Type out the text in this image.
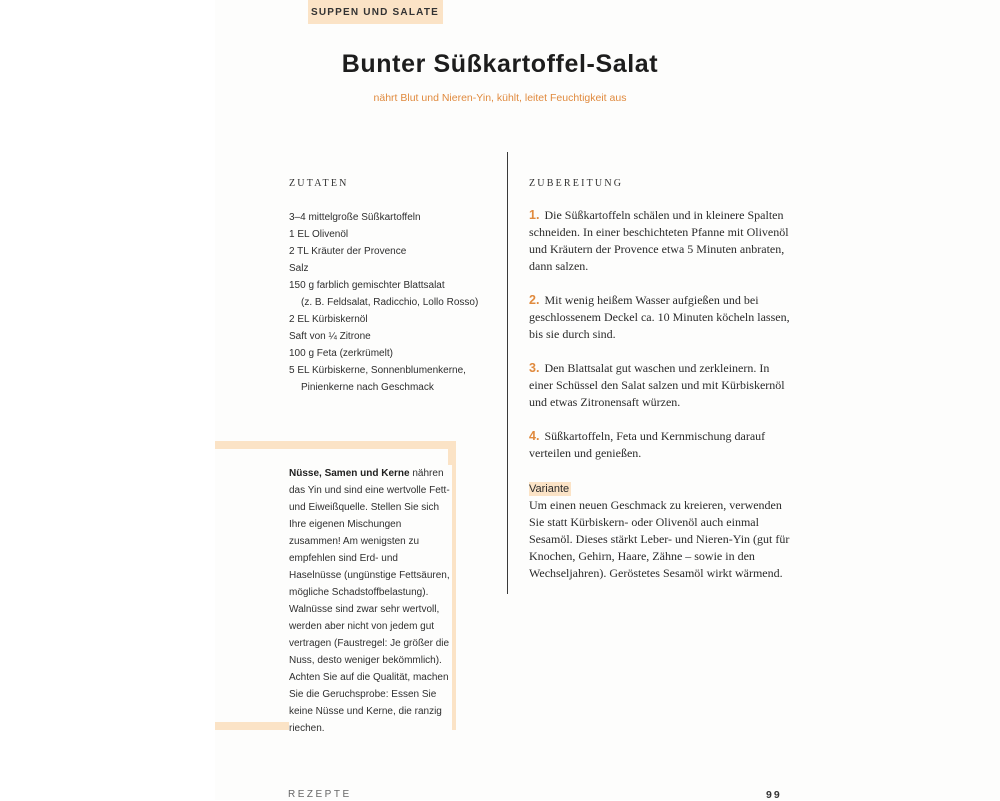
SUPPEN UND SALATE
Bunter Süßkartoffel-Salat
nährt Blut und Nieren-Yin, kühlt, leitet Feuchtigkeit aus
ZUTATEN
3–4 mittelgroße Süßkartoffeln
1 EL Olivenöl
2 TL Kräuter der Provence
Salz
150 g farblich gemischter Blattsalat
(z. B. Feldsalat, Radicchio, Lollo Rosso)
2 EL Kürbiskernöl
Saft von ¼ Zitrone
100 g Feta (zerkrümelt)
5 EL Kürbiskerne, Sonnenblumenkerne,
Pinienkerne nach Geschmack
ZUBEREITUNG

1. Die Süßkartoffeln schälen und in kleinere Spalten schneiden. In einer beschichteten Pfanne mit Olivenöl und Kräutern der Provence etwa 5 Minuten anbraten, dann salzen.

2. Mit wenig heißem Wasser aufgießen und bei geschlossenem Deckel ca. 10 Minuten köcheln lassen, bis sie durch sind.

3. Den Blattsalat gut waschen und zerkleinern. In einer Schüssel den Salat salzen und mit Kürbiskernöl und etwas Zitronensaft würzen.

4. Süßkartoffeln, Feta und Kernmischung darauf verteilen und genießen.

Variante

Um einen neuen Geschmack zu kreieren, verwenden Sie statt Kürbiskern- oder Olivenöl auch einmal Sesamöl. Dieses stärkt Leber- und Nieren-Yin (gut für Knochen, Gehirn, Haare, Zähne – sowie in den Wechseljahren). Geröstetes Sesamöl wirkt wärmend.

Nüsse, Samen und Kerne nähren das Yin und sind eine wertvolle Fett- und Eiweißquelle. Stellen Sie sich Ihre eigenen Mischungen zusammen! Am wenigsten zu empfehlen sind Erd- und Haselnüsse (ungünstige Fettsäuren, mögliche Schadstoffbelastung). Walnüsse sind zwar sehr wertvoll, werden aber nicht von jedem gut vertragen (Faustregel: Je größer die Nuss, desto weniger bekömmlich). Achten Sie auf die Qualität, machen Sie die Geruchsprobe: Essen Sie keine Nüsse und Kerne, die ranzig riechen.
REZEPTE	99
